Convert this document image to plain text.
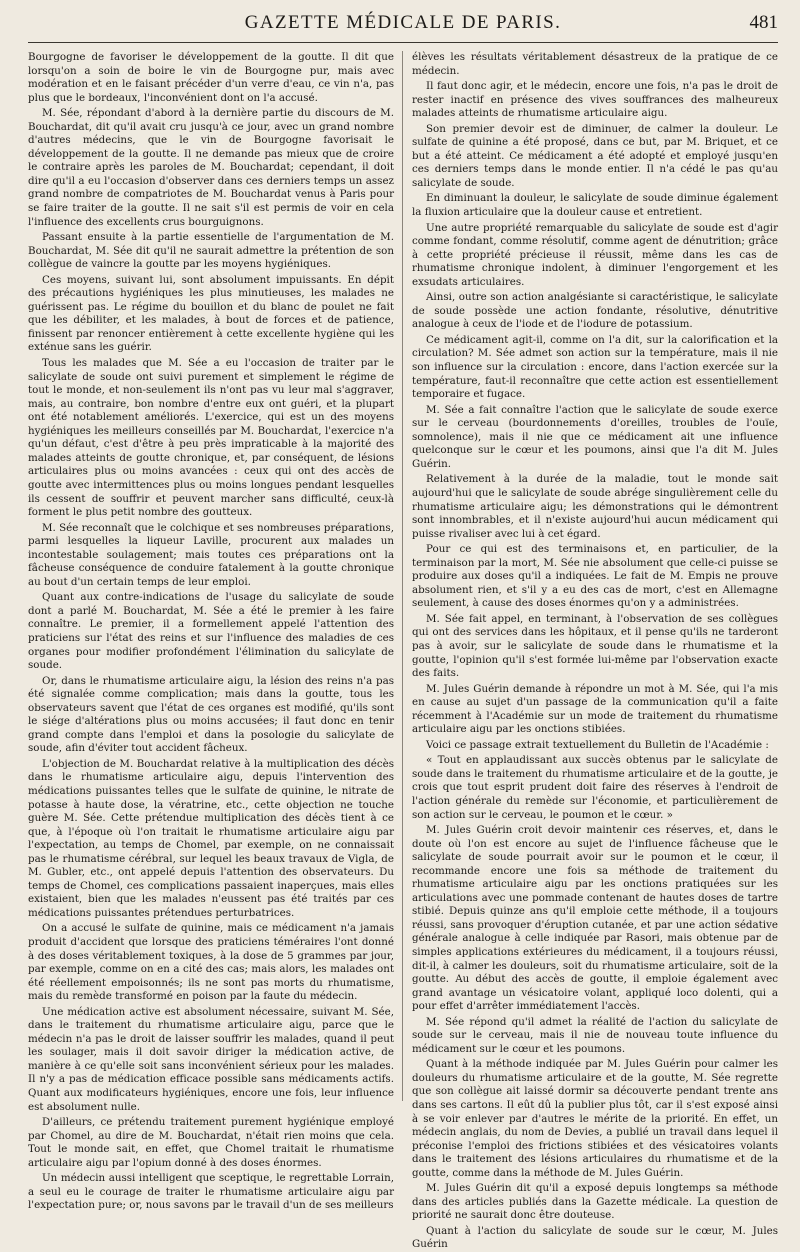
GAZETTE MÉDICALE DE PARIS.	481

Bourgogne de favoriser le développement de la goutte. Il dit que lorsqu'on a soin de boire le vin de Bourgogne pur, mais avec modération et en le faisant précéder d'un verre d'eau, ce vin n'a, pas plus que le bordeaux, l'inconvénient dont on l'a accusé.

M. Sée, répondant d'abord à la dernière partie du discours de M. Bouchardat, dit qu'il avait cru jusqu'à ce jour, avec un grand nombre d'autres médecins, que le vin de Bourgogne favorisait le développement de la goutte. Il ne demande pas mieux que de croire le contraire après les paroles de M. Bouchardat; cependant, il doit dire qu'il a eu l'occasion d'observer dans ces derniers temps un assez grand nombre de compatriotes de M. Bouchardat venus à Paris pour se faire traiter de la goutte. Il ne sait s'il est permis de voir en cela l'influence des excellents crus bourguignons.

Passant ensuite à la partie essentielle de l'argumentation de M. Bouchardat, M. Sée dit qu'il ne saurait admettre la prétention de son collègue de vaincre la goutte par les moyens hygiéniques.

Ces moyens, suivant lui, sont absolument impuissants. En dépit des précautions hygiéniques les plus minutieuses, les malades ne guérissent pas. Le régime du bouillon et du blanc de poulet ne fait que les débiliter, et les malades, à bout de forces et de patience, finissent par renoncer entièrement à cette excellente hygiène qui les exténue sans les guérir.

Tous les malades que M. Sée a eu l'occasion de traiter par le salicylate de soude ont suivi purement et simplement le régime de tout le monde, et non-seulement ils n'ont pas vu leur mal s'aggraver, mais, au contraire, bon nombre d'entre eux ont guéri, et la plupart ont été notablement améliorés. L'exercice, qui est un des moyens hygiéniques les meilleurs conseillés par M. Bouchardat, l'exercice n'a qu'un défaut, c'est d'être à peu près impraticable à la majorité des malades atteints de goutte chronique, et, par conséquent, de lésions articulaires plus ou moins avancées : ceux qui ont des accès de goutte avec intermittences plus ou moins longues pendant lesquelles ils cessent de souffrir et peuvent marcher sans difficulté, ceux-là forment le plus petit nombre des goutteux.

M. Sée reconnaît que le colchique et ses nombreuses préparations, parmi lesquelles la liqueur Laville, procurent aux malades un incontestable soulagement; mais toutes ces préparations ont la fâcheuse conséquence de conduire fatalement à la goutte chronique au bout d'un certain temps de leur emploi.

Quant aux contre-indications de l'usage du salicylate de soude dont a parlé M. Bouchardat, M. Sée a été le premier à les faire connaître. Le premier, il a formellement appelé l'attention des praticiens sur l'état des reins et sur l'influence des maladies de ces organes pour modifier profondément l'élimination du salicylate de soude.

Or, dans le rhumatisme articulaire aigu, la lésion des reins n'a pas été signalée comme complication; mais dans la goutte, tous les observateurs savent que l'état de ces organes est modifié, qu'ils sont le siége d'altérations plus ou moins accusées; il faut donc en tenir grand compte dans l'emploi et dans la posologie du salicylate de soude, afin d'éviter tout accident fâcheux.

L'objection de M. Bouchardat relative à la multiplication des décès dans le rhumatisme articulaire aigu, depuis l'intervention des médications puissantes telles que le sulfate de quinine, le nitrate de potasse à haute dose, la vératrine, etc., cette objection ne touche guère M. Sée. Cette prétendue multiplication des décès tient à ce que, à l'époque où l'on traitait le rhumatisme articulaire aigu par l'expectation, au temps de Chomel, par exemple, on ne connaissait pas le rhumatisme cérébral, sur lequel les beaux travaux de Vigla, de M. Gubler, etc., ont appelé depuis l'attention des observateurs. Du temps de Chomel, ces complications passaient inaperçues, mais elles existaient, bien que les malades n'eussent pas été traités par ces médications puissantes prétendues perturbatrices.

On a accusé le sulfate de quinine, mais ce médicament n'a jamais produit d'accident que lorsque des praticiens téméraires l'ont donné à des doses véritablement toxiques, à la dose de 5 grammes par jour, par exemple, comme on en a cité des cas; mais alors, les malades ont été réellement empoisonnés; ils ne sont pas morts du rhumatisme, mais du remède transformé en poison par la faute du médecin.

Une médication active est absolument nécessaire, suivant M. Sée, dans le traitement du rhumatisme articulaire aigu, parce que le médecin n'a pas le droit de laisser souffrir les malades, quand il peut les soulager, mais il doit savoir diriger la médication active, de manière à ce qu'elle soit sans inconvénient sérieux pour les malades. Il n'y a pas de médication efficace possible sans médicaments actifs. Quant aux modificateurs hygiéniques, encore une fois, leur influence est absolument nulle.

D'ailleurs, ce prétendu traitement purement hygiénique employé par Chomel, au dire de M. Bouchardat, n'était rien moins que cela. Tout le monde sait, en effet, que Chomel traitait le rhumatisme articulaire aigu par l'opium donné à des doses énormes.

Un médecin aussi intelligent que sceptique, le regrettable Lorrain, a seul eu le courage de traiter le rhumatisme articulaire aigu par l'expectation pure; or, nous savons par le travail d'un de ses meilleurs

élèves les résultats véritablement désastreux de la pratique de ce médecin.

Il faut donc agir, et le médecin, encore une fois, n'a pas le droit de rester inactif en présence des vives souffrances des malheureux malades atteints de rhumatisme articulaire aigu.

Son premier devoir est de diminuer, de calmer la douleur. Le sulfate de quinine a été proposé, dans ce but, par M. Briquet, et ce but a été atteint. Ce médicament a été adopté et employé jusqu'en ces derniers temps dans le monde entier. Il n'a cédé le pas qu'au salicylate de soude.

En diminuant la douleur, le salicylate de soude diminue également la fluxion articulaire que la douleur cause et entretient.

Une autre propriété remarquable du salicylate de soude est d'agir comme fondant, comme résolutif, comme agent de dénutrition; grâce à cette propriété précieuse il réussit, même dans les cas de rhumatisme chronique indolent, à diminuer l'engorgement et les exsudats articulaires.

Ainsi, outre son action analgésiante si caractéristique, le salicylate de soude possède une action fondante, résolutive, dénutritive analogue à ceux de l'iode et de l'iodure de potassium.

Ce médicament agit-il, comme on l'a dit, sur la calorification et la circulation? M. Sée admet son action sur la température, mais il nie son influence sur la circulation : encore, dans l'action exercée sur la température, faut-il reconnaître que cette action est essentiellement temporaire et fugace.

M. Sée a fait connaître l'action que le salicylate de soude exerce sur le cerveau (bourdonnements d'oreilles, troubles de l'ouïe, somnolence), mais il nie que ce médicament ait une influence quelconque sur le cœur et les poumons, ainsi que l'a dit M. Jules Guérin.

Relativement à la durée de la maladie, tout le monde sait aujourd'hui que le salicylate de soude abrége singulièrement celle du rhumatisme articulaire aigu; les démonstrations qui le démontrent sont innombrables, et il n'existe aujourd'hui aucun médicament qui puisse rivaliser avec lui à cet égard.

Pour ce qui est des terminaisons et, en particulier, de la terminaison par la mort, M. Sée nie absolument que celle-ci puisse se produire aux doses qu'il a indiquées. Le fait de M. Empis ne prouve absolument rien, et s'il y a eu des cas de mort, c'est en Allemagne seulement, à cause des doses énormes qu'on y a administrées.

M. Sée fait appel, en terminant, à l'observation de ses collègues qui ont des services dans les hôpitaux, et il pense qu'ils ne tarderont pas à avoir, sur le salicylate de soude dans le rhumatisme et la goutte, l'opinion qu'il s'est formée lui-même par l'observation exacte des faits.

M. Jules Guérin demande à répondre un mot à M. Sée, qui l'a mis en cause au sujet d'un passage de la communication qu'il a faite récemment à l'Académie sur un mode de traitement du rhumatisme articulaire aigu par les onctions stibiées.

Voici ce passage extrait textuellement du Bulletin de l'Académie :

« Tout en applaudissant aux succès obtenus par le salicylate de soude dans le traitement du rhumatisme articulaire et de la goutte, je crois que tout esprit prudent doit faire des réserves à l'endroit de l'action générale du remède sur l'économie, et particulièrement de son action sur le cerveau, le poumon et le cœur. »

M. Jules Guérin croit devoir maintenir ces réserves, et, dans le doute où l'on est encore au sujet de l'influence fâcheuse que le salicylate de soude pourrait avoir sur le poumon et le cœur, il recommande encore une fois sa méthode de traitement du rhumatisme articulaire aigu par les onctions pratiquées sur les articulations avec une pommade contenant de hautes doses de tartre stibié. Depuis quinze ans qu'il emploie cette méthode, il a toujours réussi, sans provoquer d'éruption cutanée, et par une action sédative générale analogue à celle indiquée par Rasori, mais obtenue par de simples applications extérieures du médicament, il a toujours réussi, dit-il, à calmer les douleurs, soit du rhumatisme articulaire, soit de la goutte. Au début des accès de goutte, il emploie également avec grand avantage un vésicatoire volant, appliqué loco dolenti, qui a pour effet d'arrêter immédiatement l'accès.

M. Sée répond qu'il admet la réalité de l'action du salicylate de soude sur le cerveau, mais il nie de nouveau toute influence du médicament sur le cœur et les poumons.

Quant à la méthode indiquée par M. Jules Guérin pour calmer les douleurs du rhumatisme articulaire et de la goutte, M. Sée regrette que son collègue ait laissé dormir sa découverte pendant trente ans dans ses cartons. Il eût dû la publier plus tôt, car il s'est exposé ainsi à se voir enlever par d'autres le mérite de la priorité. En effet, un médecin anglais, du nom de Devies, a publié un travail dans lequel il préconise l'emploi des frictions stibiées et des vésicatoires volants dans le traitement des lésions articulaires du rhumatisme et de la goutte, comme dans la méthode de M. Jules Guérin.

M. Jules Guérin dit qu'il a exposé depuis longtemps sa méthode dans des articles publiés dans la Gazette médicale. La question de priorité ne saurait donc être douteuse.

Quant à l'action du salicylate de soude sur le cœur, M. Jules Guérin
